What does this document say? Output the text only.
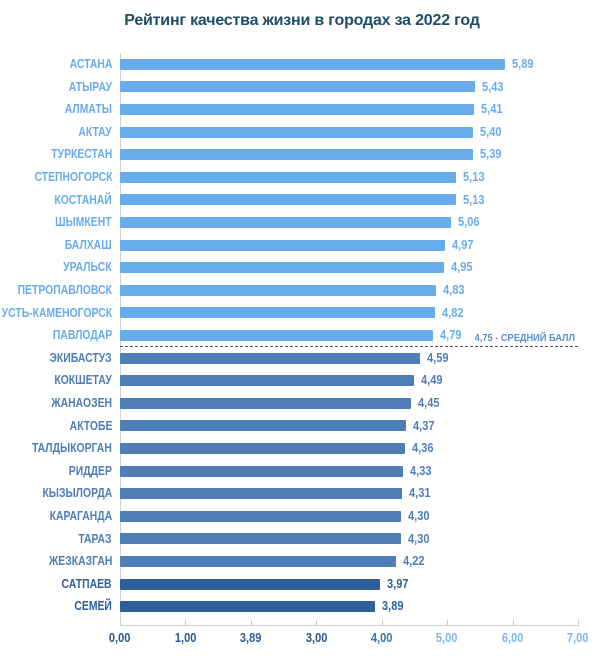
Рейтинг качества жизни в городах за 2022 год
АСТАНА	5,89
АТЫРАУ	5,43
АЛМАТЫ	5,41
АКТАУ	5,40
ТУРКЕСТАН	5,39
СТЕПНОГОРСК	5,13
КОСТАНАЙ	5,13
ШЫМКЕНТ	5,06
БАЛХАШ	4,97
УРАЛЬСК	4,95
ПЕТРОПАВЛОВСК	4,83
УСТЬ-КАМЕНОГОРСК	4,82
ПАВЛОДАР	4,79
ЭКИБАСТУЗ	4,59
КОКШЕТАУ	4,49
ЖАНАОЗЕН	4,45
АКТОБЕ	4,37
ТАЛДЫКОРГАН	4,36
РИДДЕР	4,33
КЫЗЫЛОРДА	4,31
КАРАГАНДА	4,30
ТАРАЗ	4,30
ЖЕЗКАЗГАН	4,22
САТПАЕВ	3,97
СЕМЕЙ	3,89
4,75 - СРЕДНИЙ БАЛЛ
0,00	1,00	3,89	3,00	4,00	5,00	6,00	7,00
